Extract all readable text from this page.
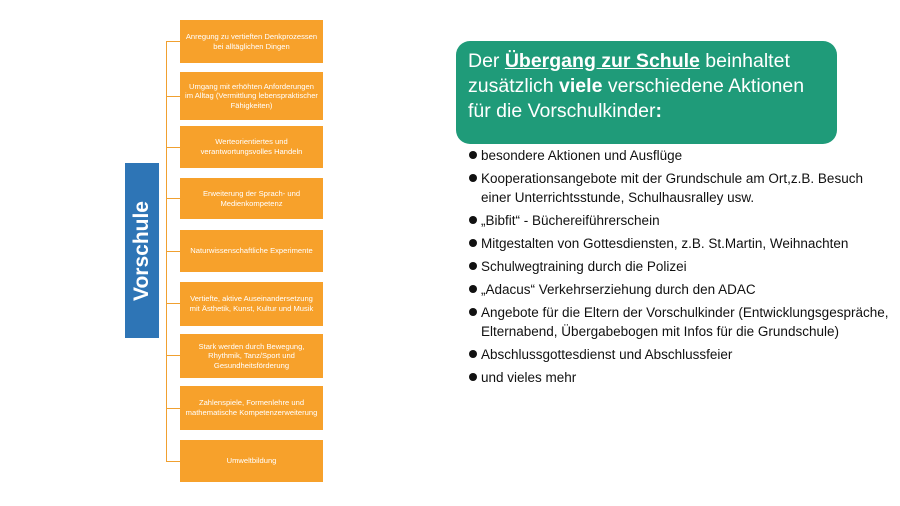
Vorschule
Anregung zu vertieften Denkprozessen bei alltäglichen Dingen
Umgang mit erhöhten Anforderungen im Alltag (Vermittlung lebenspraktischer Fähigkeiten)
Werteorientiertes und verantwortungsvolles Handeln
Erweiterung der Sprach- und Medienkompetenz
Naturwissenschaftliche Experimente
Vertiefte, aktive Auseinandersetzung mit Ästhetik, Kunst, Kultur und Musik
Stark werden durch Bewegung, Rhythmik, Tanz/Sport und Gesundheitsförderung
Zahlenspiele, Formenlehre und mathematische Kompetenzerweiterung
Umweltbildung
Der Übergang zur Schule beinhaltet zusätzlich viele verschiedene Aktionen für die Vorschulkinder:
besondere Aktionen und Ausflüge
Kooperationsangebote mit der Grundschule am Ort,z.B. Besuch einer Unterrichtsstunde, Schulhausralley usw.
„Bibfit“ - Büchereiführerschein
Mitgestalten von Gottesdiensten, z.B. St.Martin, Weihnachten
Schulwegtraining durch die Polizei
„Adacus“ Verkehrserziehung durch den ADAC
Angebote für die Eltern der Vorschulkinder (Entwicklungsgespräche, Elternabend, Übergabebogen mit Infos für die Grundschule)
Abschlussgottesdienst und Abschlussfeier
und vieles mehr
